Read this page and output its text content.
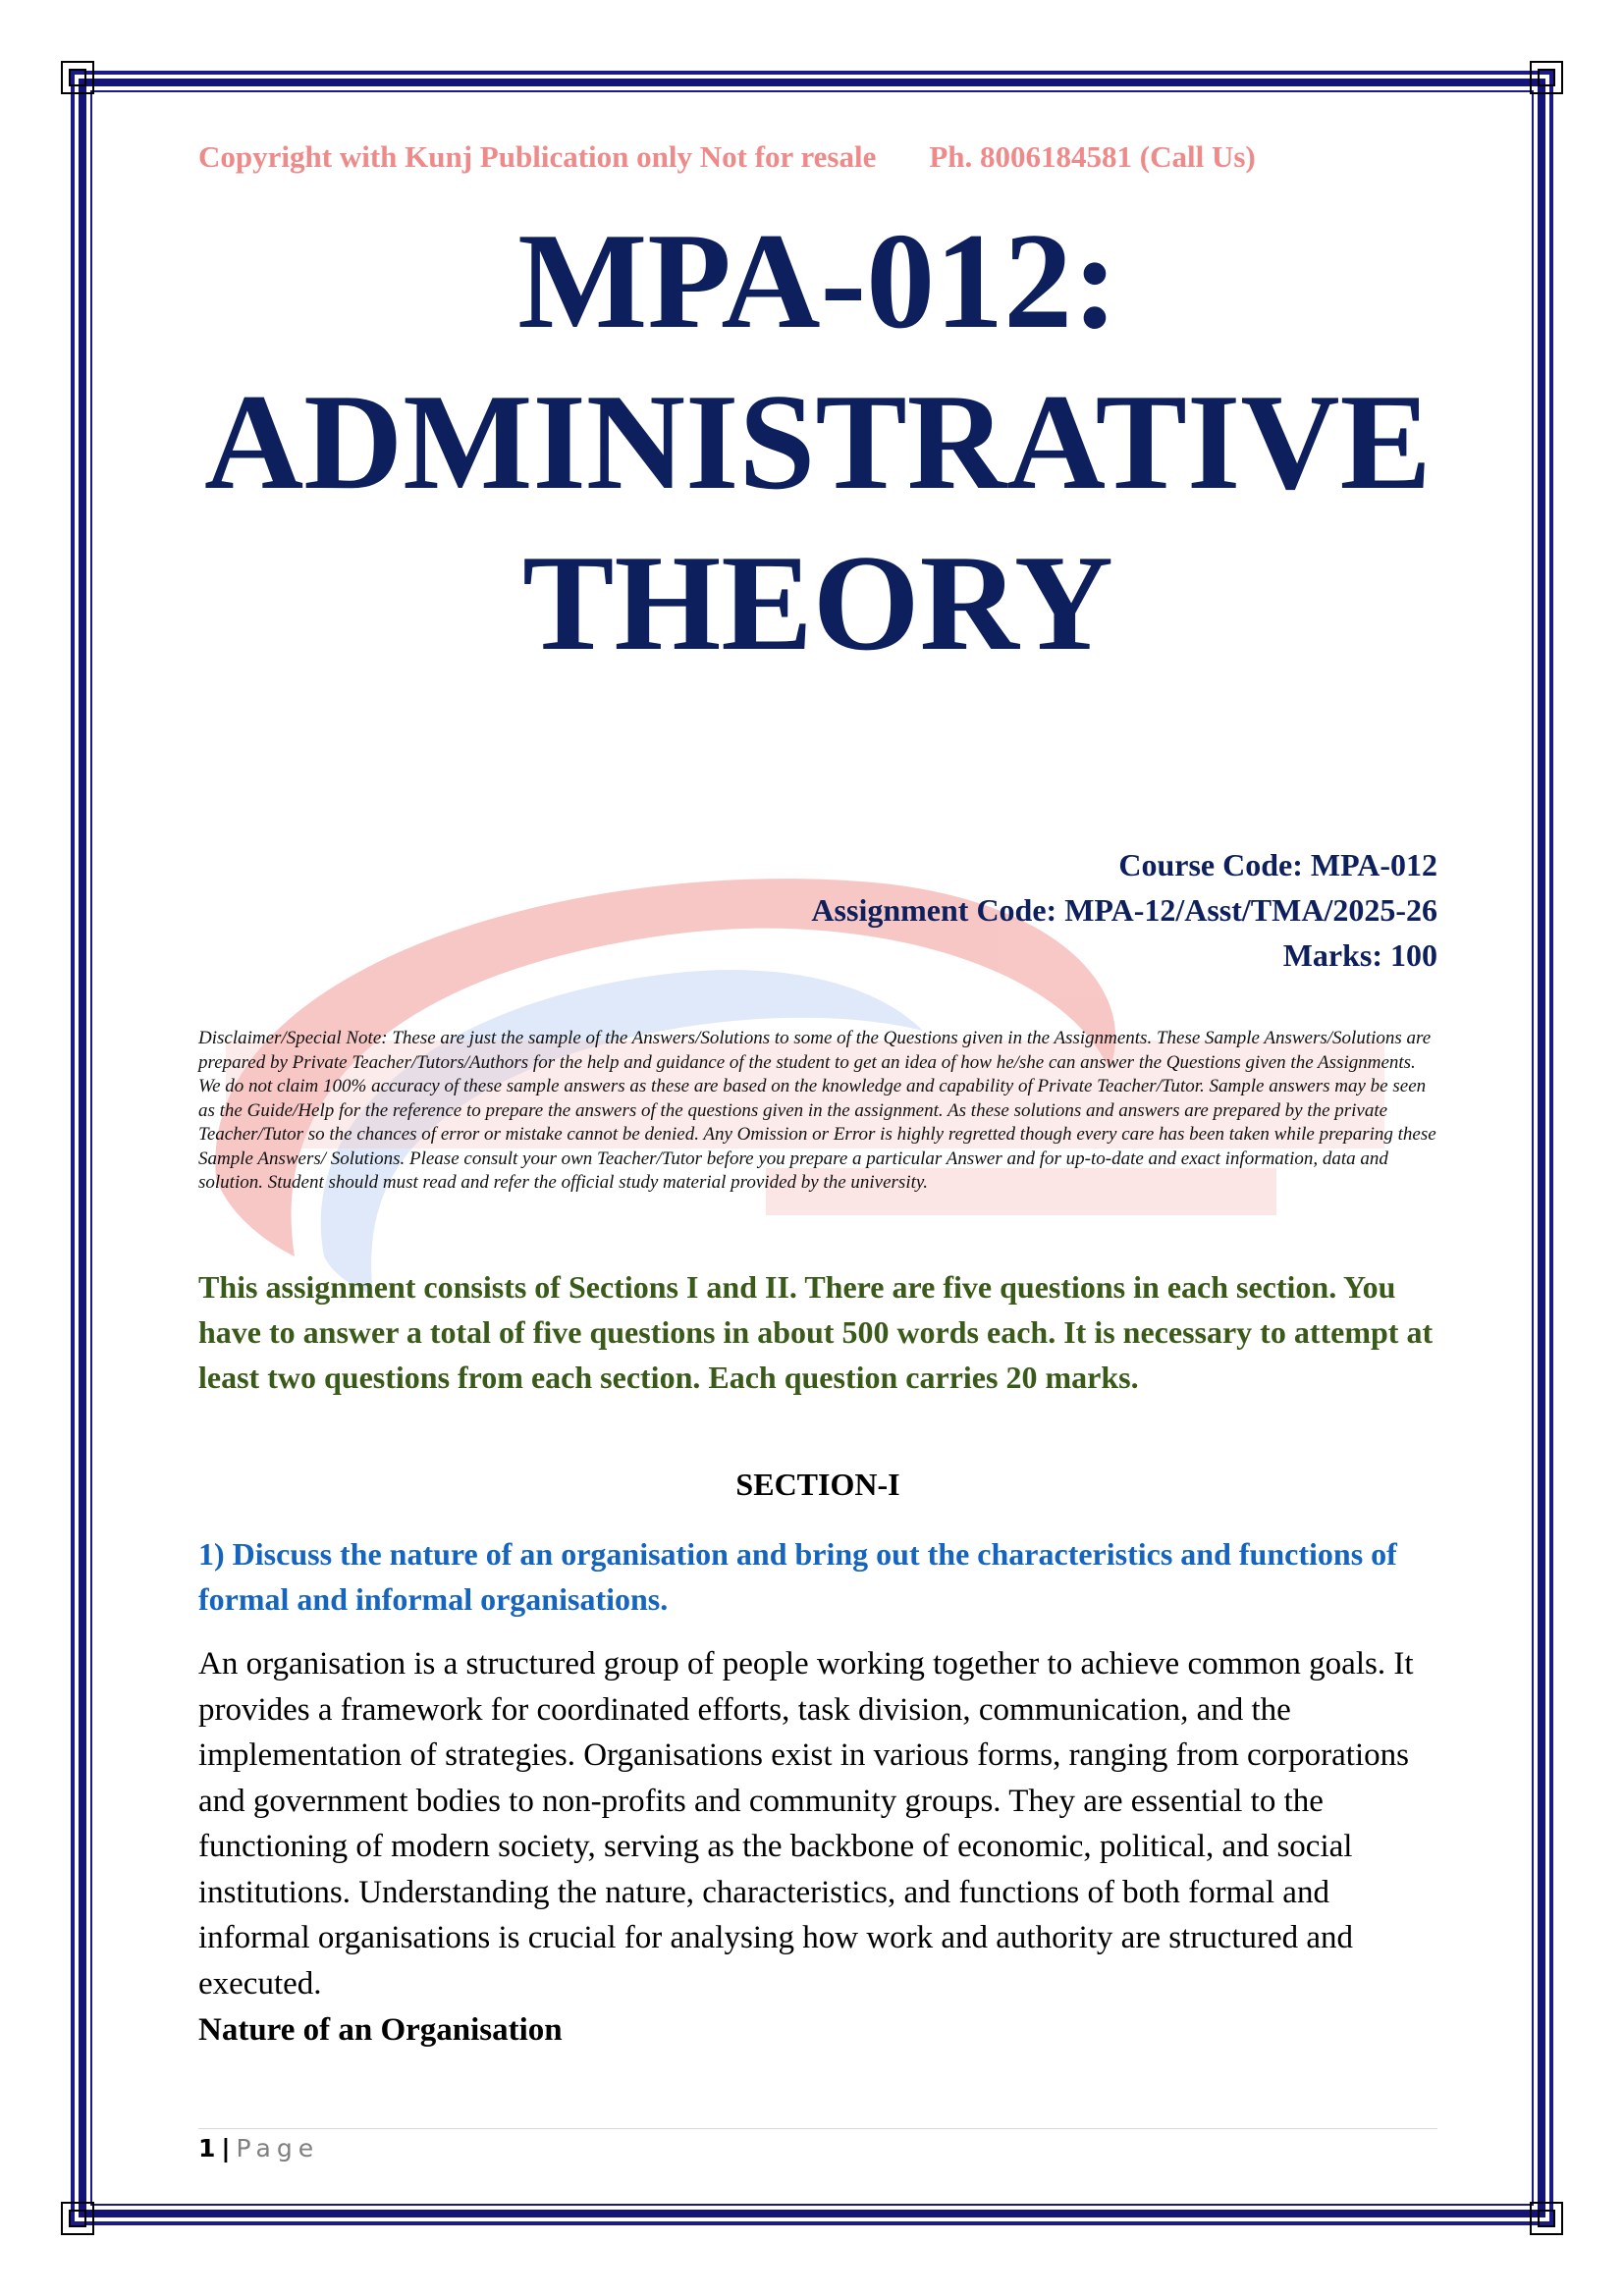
Copyright with Kunj Publication only Not for resale Ph. 8006184581 (Call Us)
MPA-012:
ADMINISTRATIVE
THEORY
Course Code: MPA-012
Assignment Code: MPA-12/Asst/TMA/2025-26
Marks: 100
Disclaimer/Special Note: These are just the sample of the Answers/Solutions to some of the Questions given in the Assignments. These Sample Answers/Solutions are prepared by Private Teacher/Tutors/Authors for the help and guidance of the student to get an idea of how he/she can answer the Questions given the Assignments. We do not claim 100% accuracy of these sample answers as these are based on the knowledge and capability of Private Teacher/Tutor. Sample answers may be seen as the Guide/Help for the reference to prepare the answers of the questions given in the assignment. As these solutions and answers are prepared by the private Teacher/Tutor so the chances of error or mistake cannot be denied. Any Omission or Error is highly regretted though every care has been taken while preparing these Sample Answers/ Solutions. Please consult your own Teacher/Tutor before you prepare a particular Answer and for up-to-date and exact information, data and solution. Student should must read and refer the official study material provided by the university.
This assignment consists of Sections I and II. There are five questions in each section. You have to answer a total of five questions in about 500 words each. It is necessary to attempt at least two questions from each section. Each question carries 20 marks.
SECTION-I
1) Discuss the nature of an organisation and bring out the characteristics and functions of formal and informal organisations.
An organisation is a structured group of people working together to achieve common goals. It provides a framework for coordinated efforts, task division, communication, and the implementation of strategies. Organisations exist in various forms, ranging from corporations and government bodies to non-profits and community groups. They are essential to the functioning of modern society, serving as the backbone of economic, political, and social institutions. Understanding the nature, characteristics, and functions of both formal and informal organisations is crucial for analysing how work and authority are structured and executed.
Nature of an Organisation
1 | Page
